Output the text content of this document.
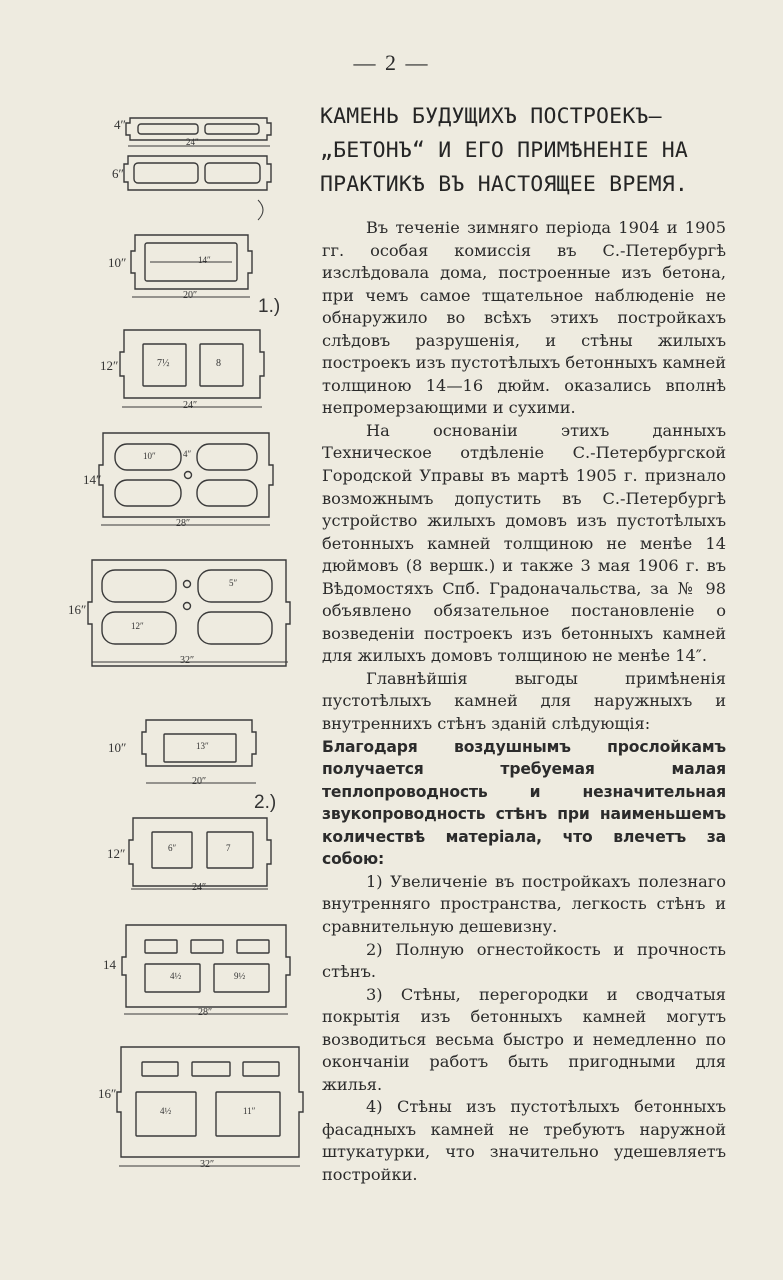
— 2 —
КАМЕНЬ БУДУЩИХЪ ПОСТРОЕКЪ—
„БЕТОНЪ“ И ЕГО ПРИМѢНЕНІЕ НА
ПРАКТИКѢ ВЪ НАСТОЯЩЕЕ ВРЕМЯ.

Въ теченіе зимняго періода 1904 и 1905 гг. особая комиссія въ С.-Петербургѣ изслѣдовала дома, построенные изъ бетона, при чемъ самое тщательное наблюденіе не обнаружило во всѣхъ этихъ постройкахъ слѣдовъ разрушенія, и стѣны жилыхъ построекъ изъ пустотѣлыхъ бетонныхъ камней толщиною 14—16 дюйм. оказались вполнѣ непромерзающими и сухими.

На основаніи этихъ данныхъ Техническое отдѣленіе С.-Петербургской Городской Управы въ мартѣ 1905 г. признало возможнымъ допустить въ С.-Петербургѣ устройство жилыхъ домовъ изъ пустотѣлыхъ бетонныхъ камней толщиною не менѣе 14 дюймовъ (8 вершк.) и также 3 мая 1906 г. въ Вѣдомостяхъ Спб. Градоначальства, за № 98 объявлено обязательное постановленіе о возведеніи построекъ изъ бетонныхъ камней для жилыхъ домовъ толщиною не менѣе 14″.

Главнѣйшія выгоды примѣненія пустотѣлыхъ камней для наружныхъ и внутреннихъ стѣнъ зданій слѣдующія:

Благодаря воздушнымъ прослойкамъ получается требуемая малая теплопроводность и незначительная звукопроводность стѣнъ при наименьшемъ количествѣ матеріала, что влечетъ за собою:

1) Увеличеніе въ постройкахъ полезнаго внутренняго пространства, легкость стѣнъ и сравнительную дешевизну.

2) Полную огнестойкость и прочность стѣнъ.

3) Стѣны, перегородки и сводчатыя покрытія изъ бетонныхъ камней могутъ возводиться весьма быстро и немедленно по окончаніи работъ быть пригодными для жилья.

4) Стѣны изъ пустотѣлыхъ бетонныхъ фасадныхъ камней не требуютъ наружной штукатурки, что значительно удешевляетъ постройки.

4″
6″
10″
12″
14″
16″
10″
12″
14
16″
1.)
2.)
24″
20″
24″
28″
32″
20″
24″
28″
32″
14″
7½	8
10″	4″
5″
12″
13″
6″	7
4½	9½
4½	11″
